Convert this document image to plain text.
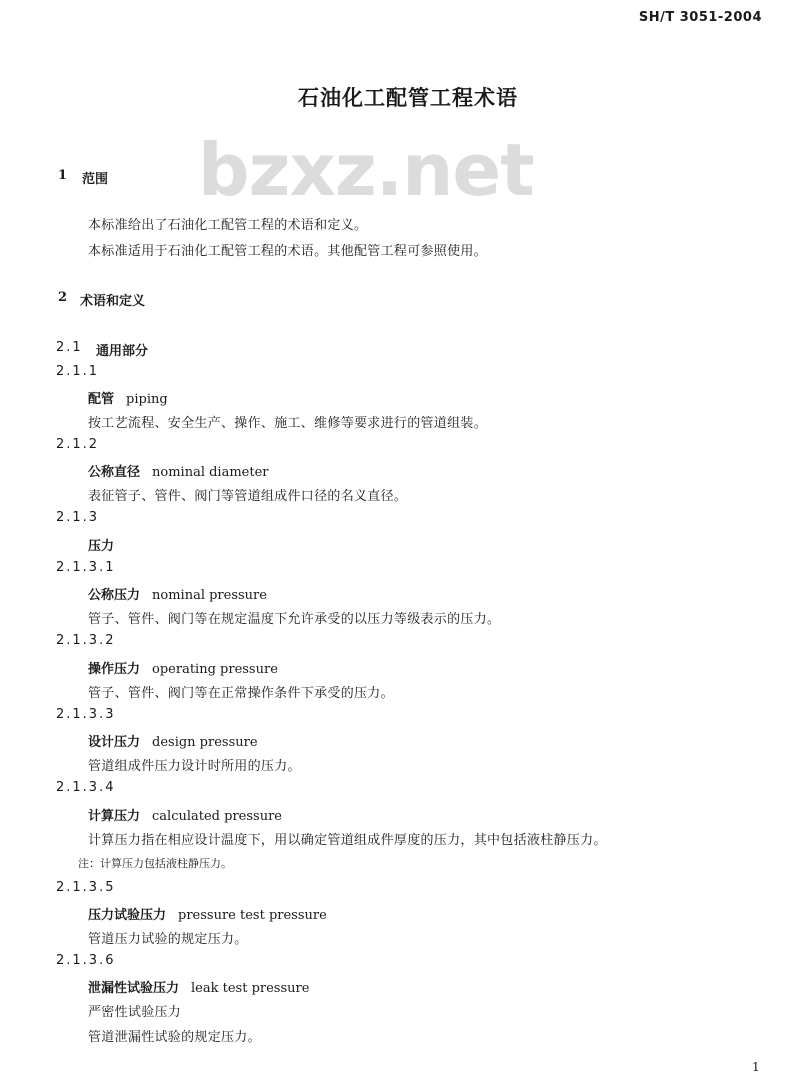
SH/T 3051-2004
石油化工配管工程术语
bzxz.net
1 范围
本标准给出了石油化工配管工程的术语和定义。
本标准适用于石油化工配管工程的术语。其他配管工程可参照使用。
2 术语和定义
2.1 通用部分
2.1.1
配管 piping
按工艺流程、安全生产、操作、施工、维修等要求进行的管道组装。
2.1.2
公称直径 nominal diameter
表征管子、管件、阀门等管道组成件口径的名义直径。
2.1.3
压力
2.1.3.1
公称压力 nominal pressure
管子、管件、阀门等在规定温度下允许承受的以压力等级表示的压力。
2.1.3.2
操作压力 operating pressure
管子、管件、阀门等在正常操作条件下承受的压力。
2.1.3.3
设计压力 design pressure
管道组成件压力设计时所用的压力。
2.1.3.4
计算压力 calculated pressure
计算压力指在相应设计温度下，用以确定管道组成件厚度的压力，其中包括液柱静压力。
注：计算压力包括液柱静压力。
2.1.3.5
压力试验压力 pressure test pressure
管道压力试验的规定压力。
2.1.3.6
泄漏性试验压力 leak test pressure
严密性试验压力
管道泄漏性试验的规定压力。
1
